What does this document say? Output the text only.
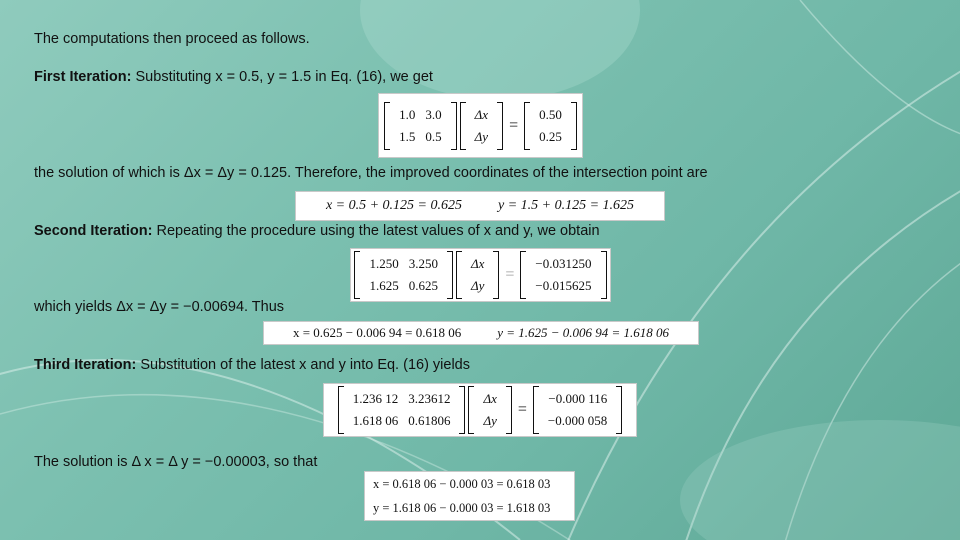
The computations then proceed as follows.
First Iteration: Substituting x = 0.5, y = 1.5 in Eq. (16), we get
1.0 3.0
1.5 0.5
Δx
Δy
=
0.50
0.25
the solution of which is Δx = Δy = 0.125. Therefore, the improved coordinates of the intersection point are
x = 0.5 + 0.125 = 0.625	y = 1.5 + 0.125 = 1.625
Second Iteration: Repeating the procedure using the latest values of x and y, we obtain
1.250 3.250
1.625 0.625
Δx
Δy
=
−0.031250
−0.015625
which yields Δx = Δy = −0.00694. Thus
x = 0.625 − 0.006 94 = 0.618 06	y = 1.625 − 0.006 94 = 1.618 06
Third Iteration: Substitution of the latest x and y into Eq. (16) yields
1.236 12 3.23612
1.618 06 0.61806
Δx
Δy
=
−0.000 116
−0.000 058
The solution is Δ x = Δ y = −0.00003, so that
x = 0.618 06 − 0.000 03 = 0.618 03
y = 1.618 06 − 0.000 03 = 1.618 03
